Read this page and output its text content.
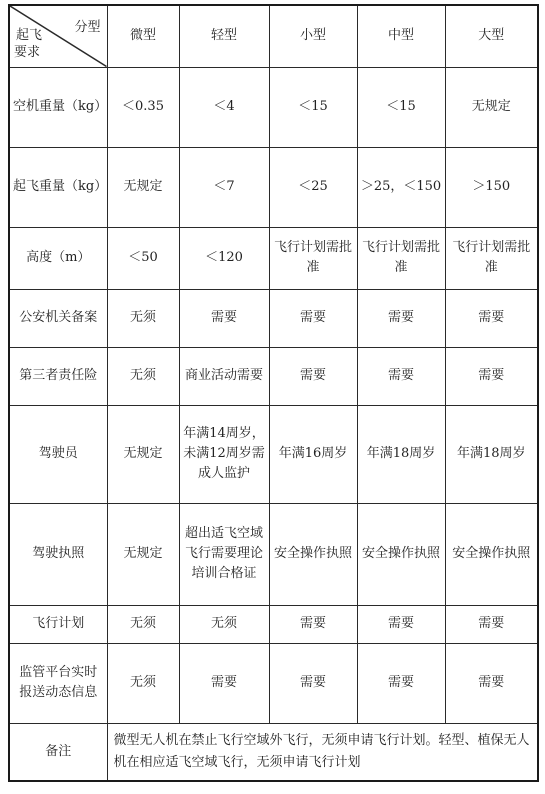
分型
起飞
要求	微型	轻型	小型	中型	大型
空机重量（kg）	＜0.35	＜4	＜15	＜15	无规定
起飞重量（kg）	无规定	＜7	＜25	＞25，＜150	＞150
高度（m）	＜50	＜120	飞行计划需批准	飞行计划需批准	飞行计划需批准
公安机关备案	无须	需要	需要	需要	需要
第三者责任险	无须	商业活动需要	需要	需要	需要
驾驶员	无规定	年满14周岁，未满12周岁需成人监护	年满16周岁	年满18周岁	年满18周岁
驾驶执照	无规定	超出适飞空域飞行需要理论培训合格证	安全操作执照	安全操作执照	安全操作执照
飞行计划	无须	无须	需要	需要	需要
监管平台实时报送动态信息	无须	需要	需要	需要	需要
备注	微型无人机在禁止飞行空域外飞行，无须申请飞行计划。轻型、植保无人机在相应适飞空域飞行，无须申请飞行计划				
